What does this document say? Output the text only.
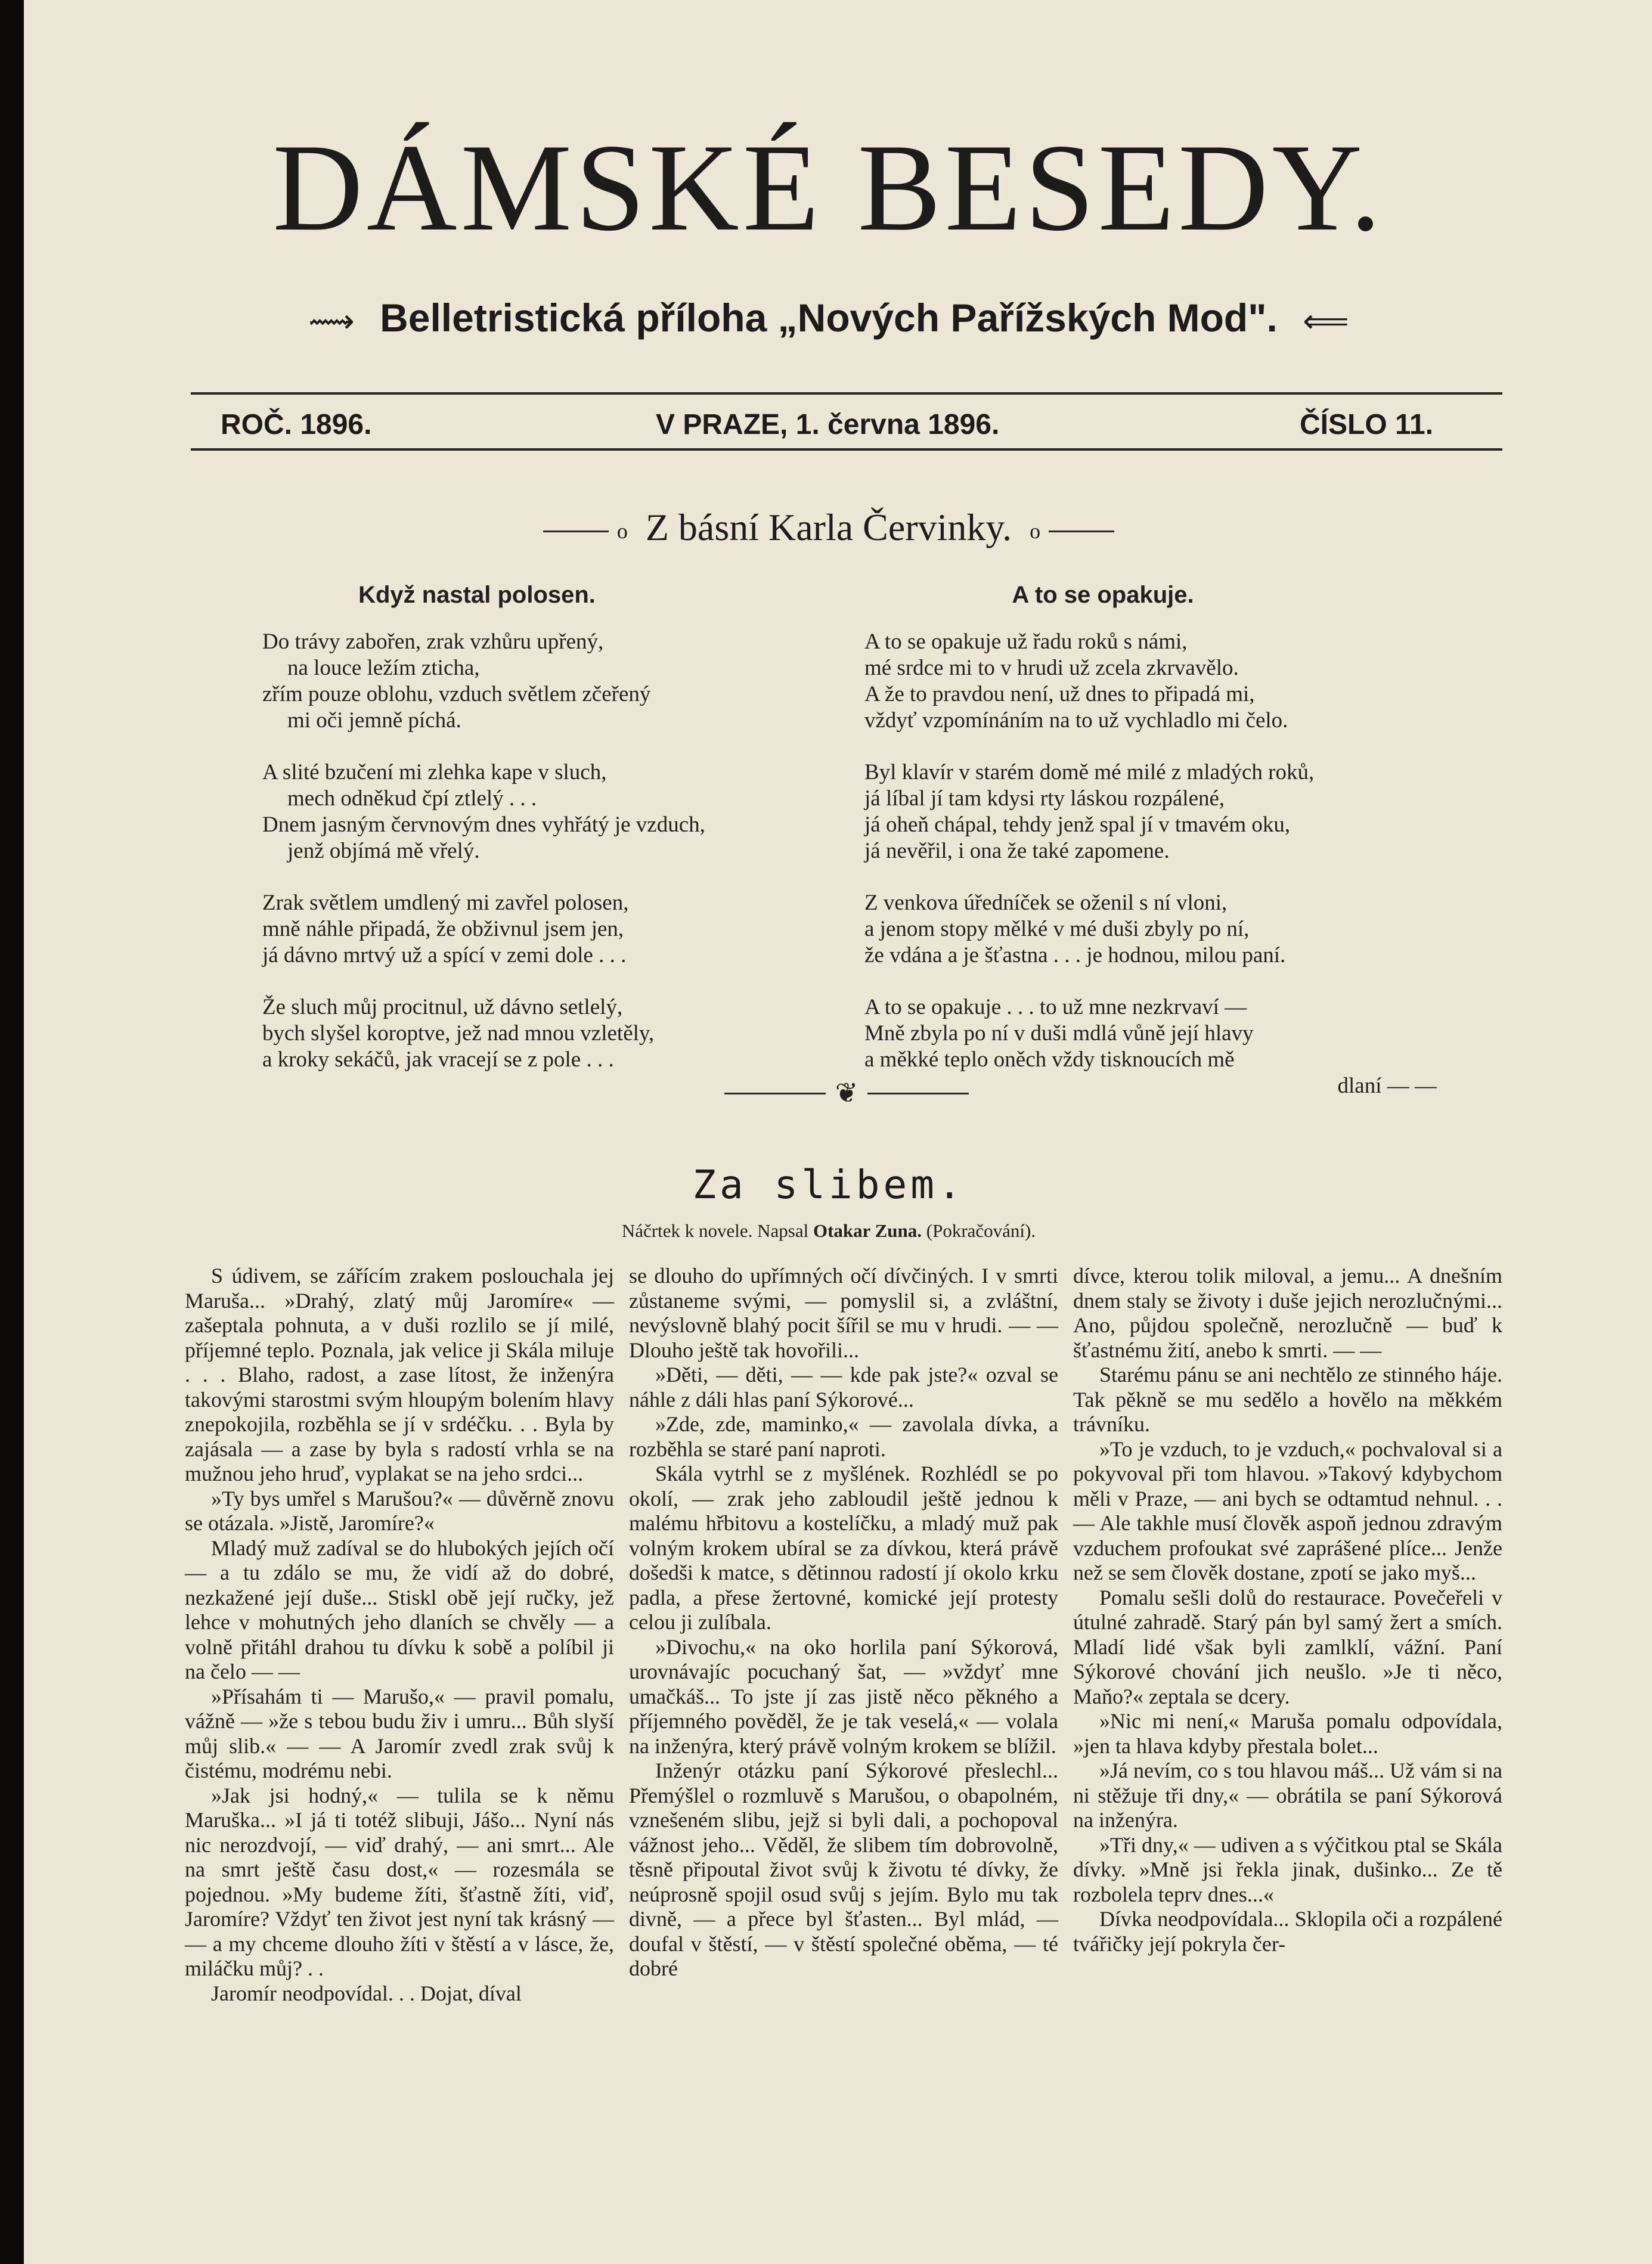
DÁMSKÉ BESEDY.
⟿ Belletristická příloha „Nových Pařížských Mod". ⟸
ROČ. 1896.	V PRAZE, 1. června 1896.	ČÍSLO 11.
o Z básní Karla Červinky. o
Když nastal polosen.	A to se opakuje.
Do trávy zabořen, zrak vzhůru upřený,
na louce ležím zticha,
zřím pouze oblohu, vzduch světlem zčeřený
mi oči jemně píchá.
A slité bzučení mi zlehka kape v sluch,
mech odněkud čpí ztlelý . . .
Dnem jasným červnovým dnes vyhřátý je vzduch,
jenž objímá mě vřelý.
Zrak světlem umdlený mi zavřel polosen,
mně náhle připadá, že obživnul jsem jen,
já dávno mrtvý už a spící v zemi dole . . .
Že sluch můj procitnul, už dávno setlelý,
bych slyšel koroptve, jež nad mnou vzletěly,
a kroky sekáčů, jak vracejí se z pole . . .
A to se opakuje už řadu roků s námi,
mé srdce mi to v hrudi už zcela zkrvavělo.
A že to pravdou není, už dnes to připadá mi,
vždyť vzpomínáním na to už vychladlo mi čelo.
Byl klavír v starém domě mé milé z mladých roků,
já líbal jí tam kdysi rty láskou rozpálené,
já oheň chápal, tehdy jenž spal jí v tmavém oku,
já nevěřil, i ona že také zapomene.
Z venkova úředníček se oženil s ní vloni,
a jenom stopy mělké v mé duši zbyly po ní,
že vdána a je šťastna . . . je hodnou, milou paní.
A to se opakuje . . . to už mne nezkrvaví —
Mně zbyla po ní v duši mdlá vůně její hlavy
a měkké teplo oněch vždy tisknoucích mě
dlaní — —
❦
Za slibem.
Náčrtek k novele. Napsal Otakar Zuna. (Pokračování).

S údivem, se zářícím zrakem poslouchala jej Maruša... »Drahý, zlatý můj Jaromíre« — zašeptala pohnuta, a v duši rozlilo se jí milé, příjemné teplo. Poznala, jak velice ji Skála miluje . . . Blaho, radost, a zase lítost, že inženýra takovými starostmi svým hloupým bolením hlavy znepokojila, rozběhla se jí v srdéčku. . . Byla by zajásala — a zase by byla s radostí vrhla se na mužnou jeho hruď, vyplakat se na jeho srdci...

»Ty bys umřel s Marušou?« — důvěrně znovu se otázala. »Jistě, Jaromíre?«

Mladý muž zadíval se do hlubokých jejích očí — a tu zdálo se mu, že vidí až do dobré, nezkažené její duše... Stiskl obě její ručky, jež lehce v mohutných jeho dlaních se chvěly — a volně přitáhl drahou tu dívku k sobě a políbil ji na čelo — —

»Přísahám ti — Marušo,« — pravil pomalu, vážně — »že s tebou budu živ i umru... Bůh slyší můj slib.« — — A Jaromír zvedl zrak svůj k čistému, modrému nebi.

»Jak jsi hodný,« — tulila se k němu Maruška... »I já ti totéž slibuji, Jášo... Nyní nás nic nerozdvojí, — viď drahý, — ani smrt... Ale na smrt ještě času dost,« — rozesmála se pojednou. »My budeme žíti, šťastně žíti, viď, Jaromíre? Vždyť ten život jest nyní tak krásný — — a my chceme dlouho žíti v štěstí a v lásce, že, miláčku můj? . .

Jaromír neodpovídal. . . Dojat, díval

se dlouho do upřímných očí dívčiných. I v smrti zůstaneme svými, — pomyslil si, a zvláštní, nevýslovně blahý pocit šířil se mu v hrudi. — — Dlouho ještě tak hovořili...

»Děti, — děti, — — kde pak jste?« ozval se náhle z dáli hlas paní Sýkorové...

»Zde, zde, maminko,« — zavolala dívka, a rozběhla se staré paní naproti.

Skála vytrhl se z myšlének. Rozhlédl se po okolí, — zrak jeho zabloudil ještě jednou k malému hřbitovu a kostelíčku, a mladý muž pak volným krokem ubíral se za dívkou, která právě došedši k matce, s dětinnou radostí jí okolo krku padla, a přese žertovné, komické její protesty celou ji zulíbala.

»Divochu,« na oko horlila paní Sýkorová, urovnávajíc pocuchaný šat, — »vždyť mne umačkáš... To jste jí zas jistě něco pěkného a příjemného pověděl, že je tak veselá,« — volala na inženýra, který právě volným krokem se blížil.

Inženýr otázku paní Sýkorové přeslechl... Přemýšlel o rozmluvě s Marušou, o obapolném, vznešeném slibu, jejž si byli dali, a pochopoval vážnost jeho... Věděl, že slibem tím dobrovolně, těsně připoutal život svůj k životu té dívky, že neúprosně spojil osud svůj s jejím. Bylo mu tak divně, — a přece byl šťasten... Byl mlád, — doufal v štěstí, — v štěstí společné oběma, — té dobré

dívce, kterou tolik miloval, a jemu... A dnešním dnem staly se životy i duše jejich nerozlučnými... Ano, půjdou společně, nerozlučně — buď k šťastnému žití, anebo k smrti. — —

Starému pánu se ani nechtělo ze stinného háje. Tak pěkně se mu sedělo a hovělo na měkkém trávníku.

»To je vzduch, to je vzduch,« pochvaloval si a pokyvoval při tom hlavou. »Takový kdybychom měli v Praze, — ani bych se odtamtud nehnul. . . — Ale takhle musí člověk aspoň jednou zdravým vzduchem profoukat své zaprášené plíce... Jenže než se sem člověk dostane, zpotí se jako myš...

Pomalu sešli dolů do restaurace. Povečeřeli v útulné zahradě. Starý pán byl samý žert a smích. Mladí lidé však byli zamlklí, vážní. Paní Sýkorové chování jich neušlo. »Je ti něco, Maňo?« zeptala se dcery.

»Nic mi není,« Maruša pomalu odpovídala, »jen ta hlava kdyby přestala bolet...

»Já nevím, co s tou hlavou máš... Už vám si na ni stěžuje tři dny,« — obrátila se paní Sýkorová na inženýra.

»Tři dny,« — udiven a s výčitkou ptal se Skála dívky. »Mně jsi řekla jinak, dušinko... Ze tě rozbolela teprv dnes...«

Dívka neodpovídala... Sklopila oči a rozpálené tvářičky její pokryla čer-
